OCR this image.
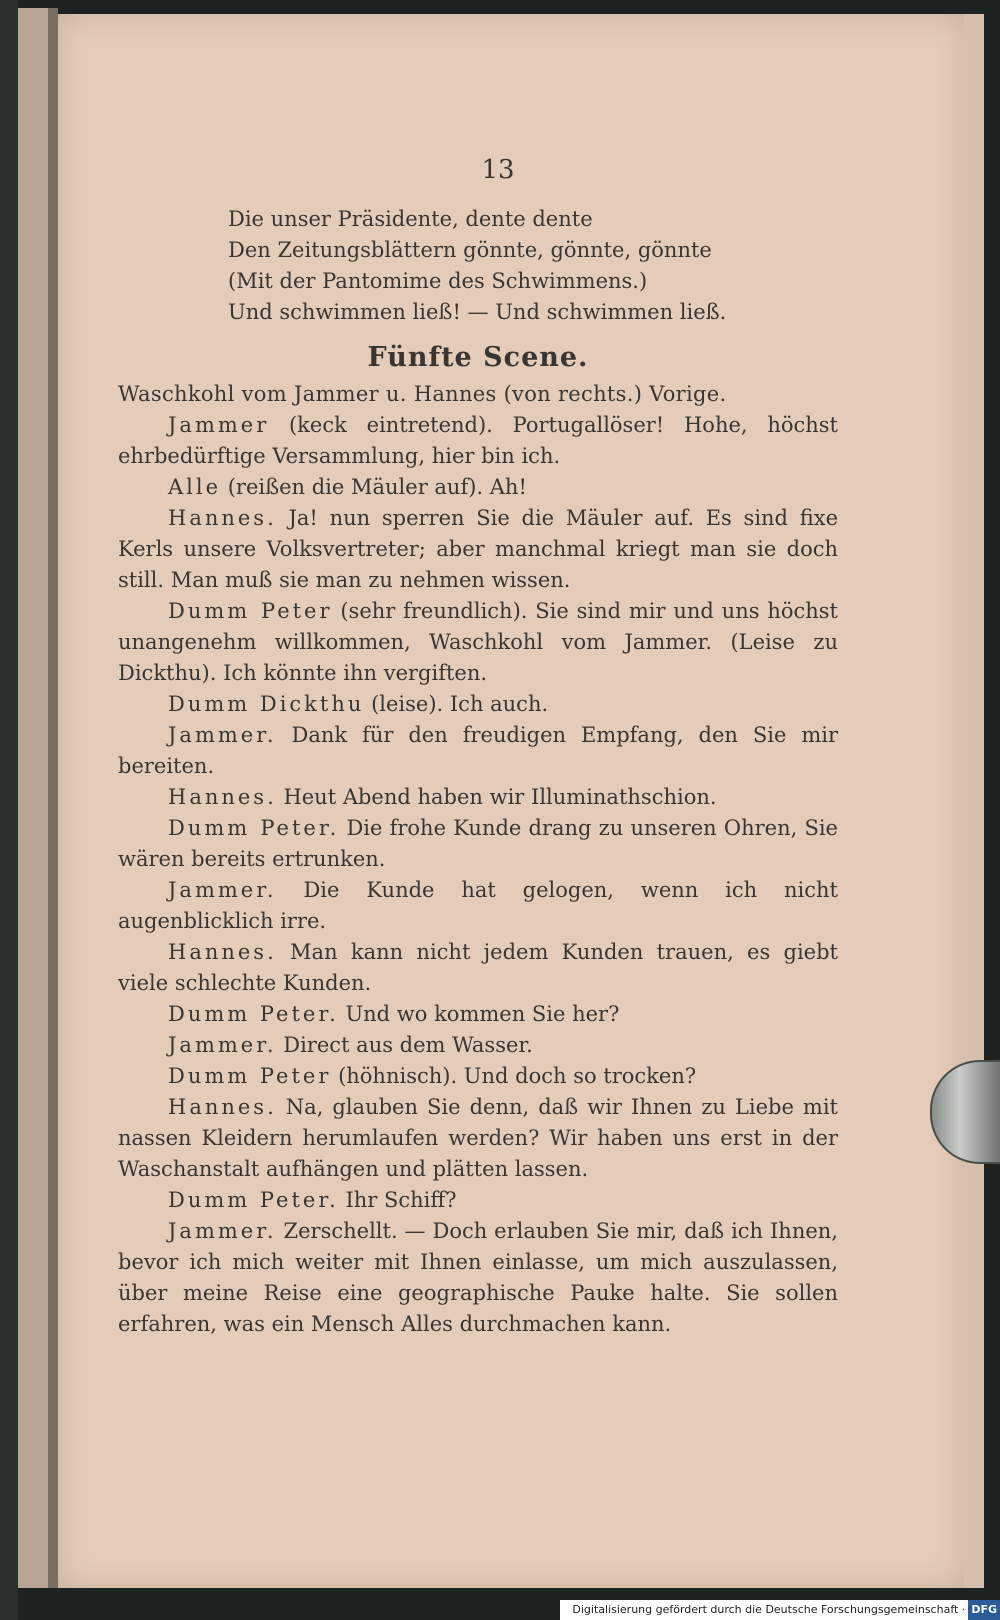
13
Die unser Präsidente, dente dente
Den Zeitungsblättern gönnte, gönnte, gönnte
(Mit der Pantomime des Schwimmens.)
Und schwimmen ließ! — Und schwimmen ließ.
Fünfte Scene.
Waschkohl vom Jammer u. Hannes (von rechts.) Vorige.
Jammer (keck eintretend). Portugallöser! Hohe, höchst ehrbedürftige Versammlung, hier bin ich.
Alle (reißen die Mäuler auf). Ah!
Hannes. Ja! nun sperren Sie die Mäuler auf. Es sind fixe Kerls unsere Volksvertreter; aber manchmal kriegt man sie doch still. Man muß sie man zu nehmen wissen.
Dumm Peter (sehr freundlich). Sie sind mir und uns höchst unangenehm willkommen, Waschkohl vom Jammer. (Leise zu Dickthu). Ich könnte ihn vergiften.
Dumm Dickthu (leise). Ich auch.
Jammer. Dank für den freudigen Empfang, den Sie mir bereiten.
Hannes. Heut Abend haben wir Illuminathschion.
Dumm Peter. Die frohe Kunde drang zu unseren Ohren, Sie wären bereits ertrunken.
Jammer. Die Kunde hat gelogen, wenn ich nicht augenblicklich irre.
Hannes. Man kann nicht jedem Kunden trauen, es giebt viele schlechte Kunden.
Dumm Peter. Und wo kommen Sie her?
Jammer. Direct aus dem Wasser.
Dumm Peter (höhnisch). Und doch so trocken?
Hannes. Na, glauben Sie denn, daß wir Ihnen zu Liebe mit nassen Kleidern herumlaufen werden? Wir haben uns erst in der Waschanstalt aufhängen und plätten lassen.
Dumm Peter. Ihr Schiff?
Jammer. Zerschellt. — Doch erlauben Sie mir, daß ich Ihnen, bevor ich mich weiter mit Ihnen einlasse, um mich auszulassen, über meine Reise eine geographische Pauke halte. Sie sollen erfahren, was ein Mensch Alles durchmachen kann.
Digitalisierung gefördert durch die Deutsche Forschungsgemeinschaft · DFG
